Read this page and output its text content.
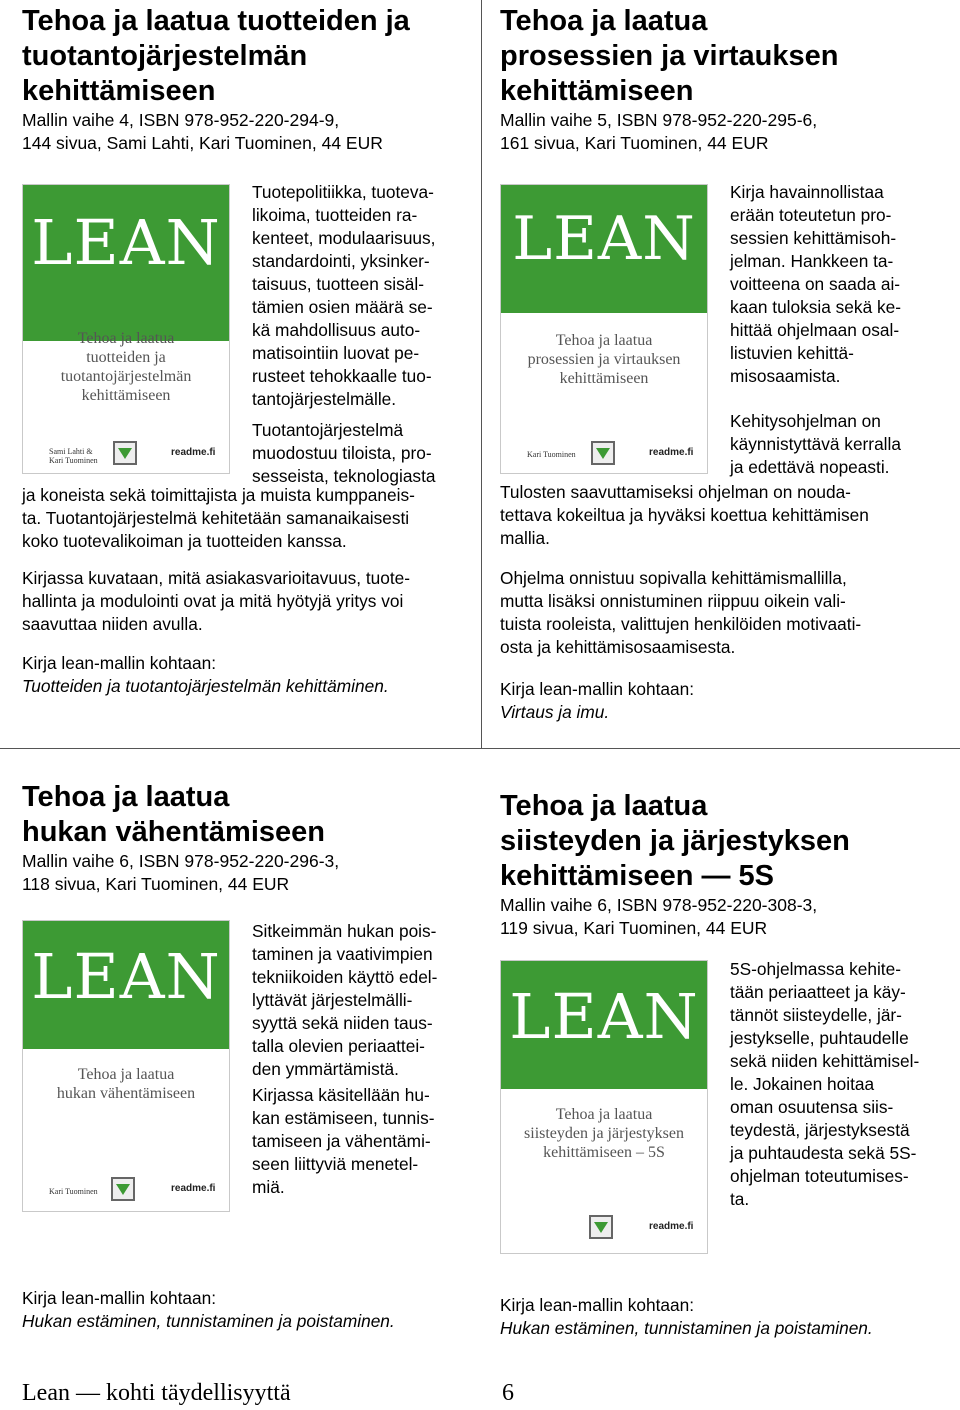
Tehoa ja laatua tuotteiden ja
tuotantojärjestelmän
kehittämiseen

Mallin vaihe 4, ISBN 978-952-220-294-9,
144 sivua, Sami Lahti, Kari Tuominen, 44 EUR

LEAN
Tehoa ja laatua
tuotteiden ja
tuotantojärjestelmän
kehittämiseen
Sami Lahti &
Kari Tuominen
readme.fi
Tuotepolitiikka, tuoteva-
likoima, tuotteiden ra-
kenteet, modulaarisuus,
standardointi, yksinker-
taisuus, tuotteen sisäl-
tämien osien määrä se-
kä mahdollisuus auto-
matisointiin luovat pe-
rusteet tehokkaalle tuo-
tantojärjestelmälle.
Tuotantojärjestelmä
muodostuu tiloista, pro-
sesseista, teknologiasta
ja koneista sekä toimittajista ja muista kumppaneis-
ta. Tuotantojärjestelmä kehitetään samanaikaisesti
koko tuotevalikoiman ja tuotteiden kanssa.
Kirjassa kuvataan, mitä asiakasvarioitavuus, tuote-
hallinta ja modulointi ovat ja mitä hyötyjä yritys voi
saavuttaa niiden avulla.
Kirja lean-mallin kohtaan:
Tuotteiden ja tuotantojärjestelmän kehittäminen.
Tehoa ja laatua
prosessien ja virtauksen
kehittämiseen

Mallin vaihe 5, ISBN 978-952-220-295-6,
161 sivua, Kari Tuominen, 44 EUR

LEAN
Tehoa ja laatua
prosessien ja virtauksen
kehittämiseen
Kari Tuominen	readme.fi
Kirja havainnollistaa
erään toteutetun pro-
sessien kehittämisoh-
jelman. Hankkeen ta-
voitteena on saada ai-
kaan tuloksia sekä ke-
hittää ohjelmaan osal-
listuvien kehittä-
misosaamista.
Kehitysohjelman on
käynnistyttävä kerralla
ja edettävä nopeasti.
Tulosten saavuttamiseksi ohjelman on nouda-
tettava kokeiltua ja hyväksi koettua kehittämisen
mallia.
Ohjelma onnistuu sopivalla kehittämismallilla,
mutta lisäksi onnistuminen riippuu oikein vali-
tuista rooleista, valittujen henkilöiden motivaati-
osta ja kehittämisosaamisesta.
Kirja lean-mallin kohtaan:
Virtaus ja imu.
Tehoa ja laatua
hukan vähentämiseen

Mallin vaihe 6, ISBN 978-952-220-296-3,
118 sivua, Kari Tuominen, 44 EUR

LEAN
Tehoa ja laatua
hukan vähentämiseen
Kari Tuominen	readme.fi
Sitkeimmän hukan pois-
taminen ja vaativimpien
tekniikoiden käyttö edel-
lyttävät järjestelmälli-
syyttä sekä niiden taus-
talla olevien periaattei-
den ymmärtämistä.
Kirjassa käsitellään hu-
kan estämiseen, tunnis-
tamiseen ja vähentämi-
seen liittyviä menetel-
miä.
Kirja lean-mallin kohtaan:
Hukan estäminen, tunnistaminen ja poistaminen.
Tehoa ja laatua
siisteyden ja järjestyksen
kehittämiseen — 5S

Mallin vaihe 6, ISBN 978-952-220-308-3,
119 sivua, Kari Tuominen, 44 EUR

LEAN
Tehoa ja laatua
siisteyden ja järjestyksen
kehittämiseen – 5S
readme.fi
5S-ohjelmassa kehite-
tään periaatteet ja käy-
tännöt siisteydelle, jär-
jestykselle, puhtaudelle
sekä niiden kehittämisel-
le. Jokainen hoitaa
oman osuutensa siis-
teydestä, järjestyksestä
ja puhtaudesta sekä 5S-
ohjelman toteutumises-
ta.
Kirja lean-mallin kohtaan:
Hukan estäminen, tunnistaminen ja poistaminen.
Lean — kohti täydellisyyttä	6
